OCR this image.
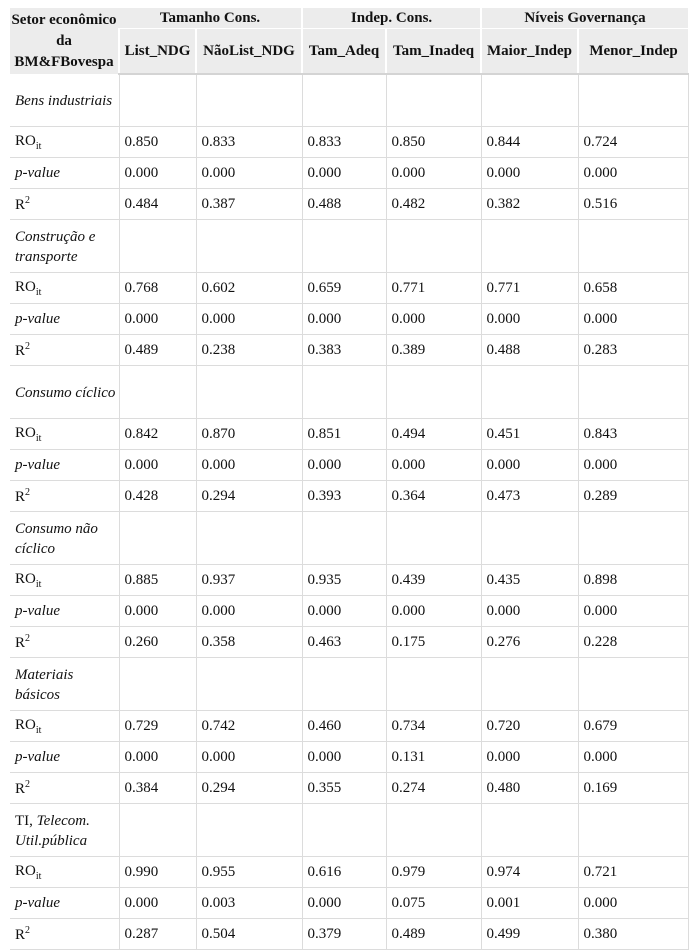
Setor econômico da BM&FBovespa	Tamanho Cons.		Indep. Cons.		Níveis Governança	
	List_NDG	NãoList_NDG	Tam_Adeq	Tam_Inadeq	Maior_Indep	Menor_Indep
Bens industriais						
$RO_{it}$	0.850	0.833	0.833	0.850	0.844	0.724
p-value	0.000	0.000	0.000	0.000	0.000	0.000
$R^2$	0.484	0.387	0.488	0.482	0.382	0.516
Construção e transporte						
$RO_{it}$	0.768	0.602	0.659	0.771	0.771	0.658
p-value	0.000	0.000	0.000	0.000	0.000	0.000
$R^2$	0.489	0.238	0.383	0.389	0.488	0.283
Consumo cíclico						
$RO_{it}$	0.842	0.870	0.851	0.494	0.451	0.843
p-value	0.000	0.000	0.000	0.000	0.000	0.000
$R^2$	0.428	0.294	0.393	0.364	0.473	0.289
Consumo não cíclico						
$RO_{it}$	0.885	0.937	0.935	0.439	0.435	0.898
p-value	0.000	0.000	0.000	0.000	0.000	0.000
$R^2$	0.260	0.358	0.463	0.175	0.276	0.228
Materiais básicos						
$RO_{it}$	0.729	0.742	0.460	0.734	0.720	0.679
p-value	0.000	0.000	0.000	0.131	0.000	0.000
$R^2$	0.384	0.294	0.355	0.274	0.480	0.169
TI, Telecom. Util.pública						
$RO_{it}$	0.990	0.955	0.616	0.979	0.974	0.721
p-value	0.000	0.003	0.000	0.075	0.001	0.000
$R^2$	0.287	0.504	0.379	0.489	0.499	0.380
